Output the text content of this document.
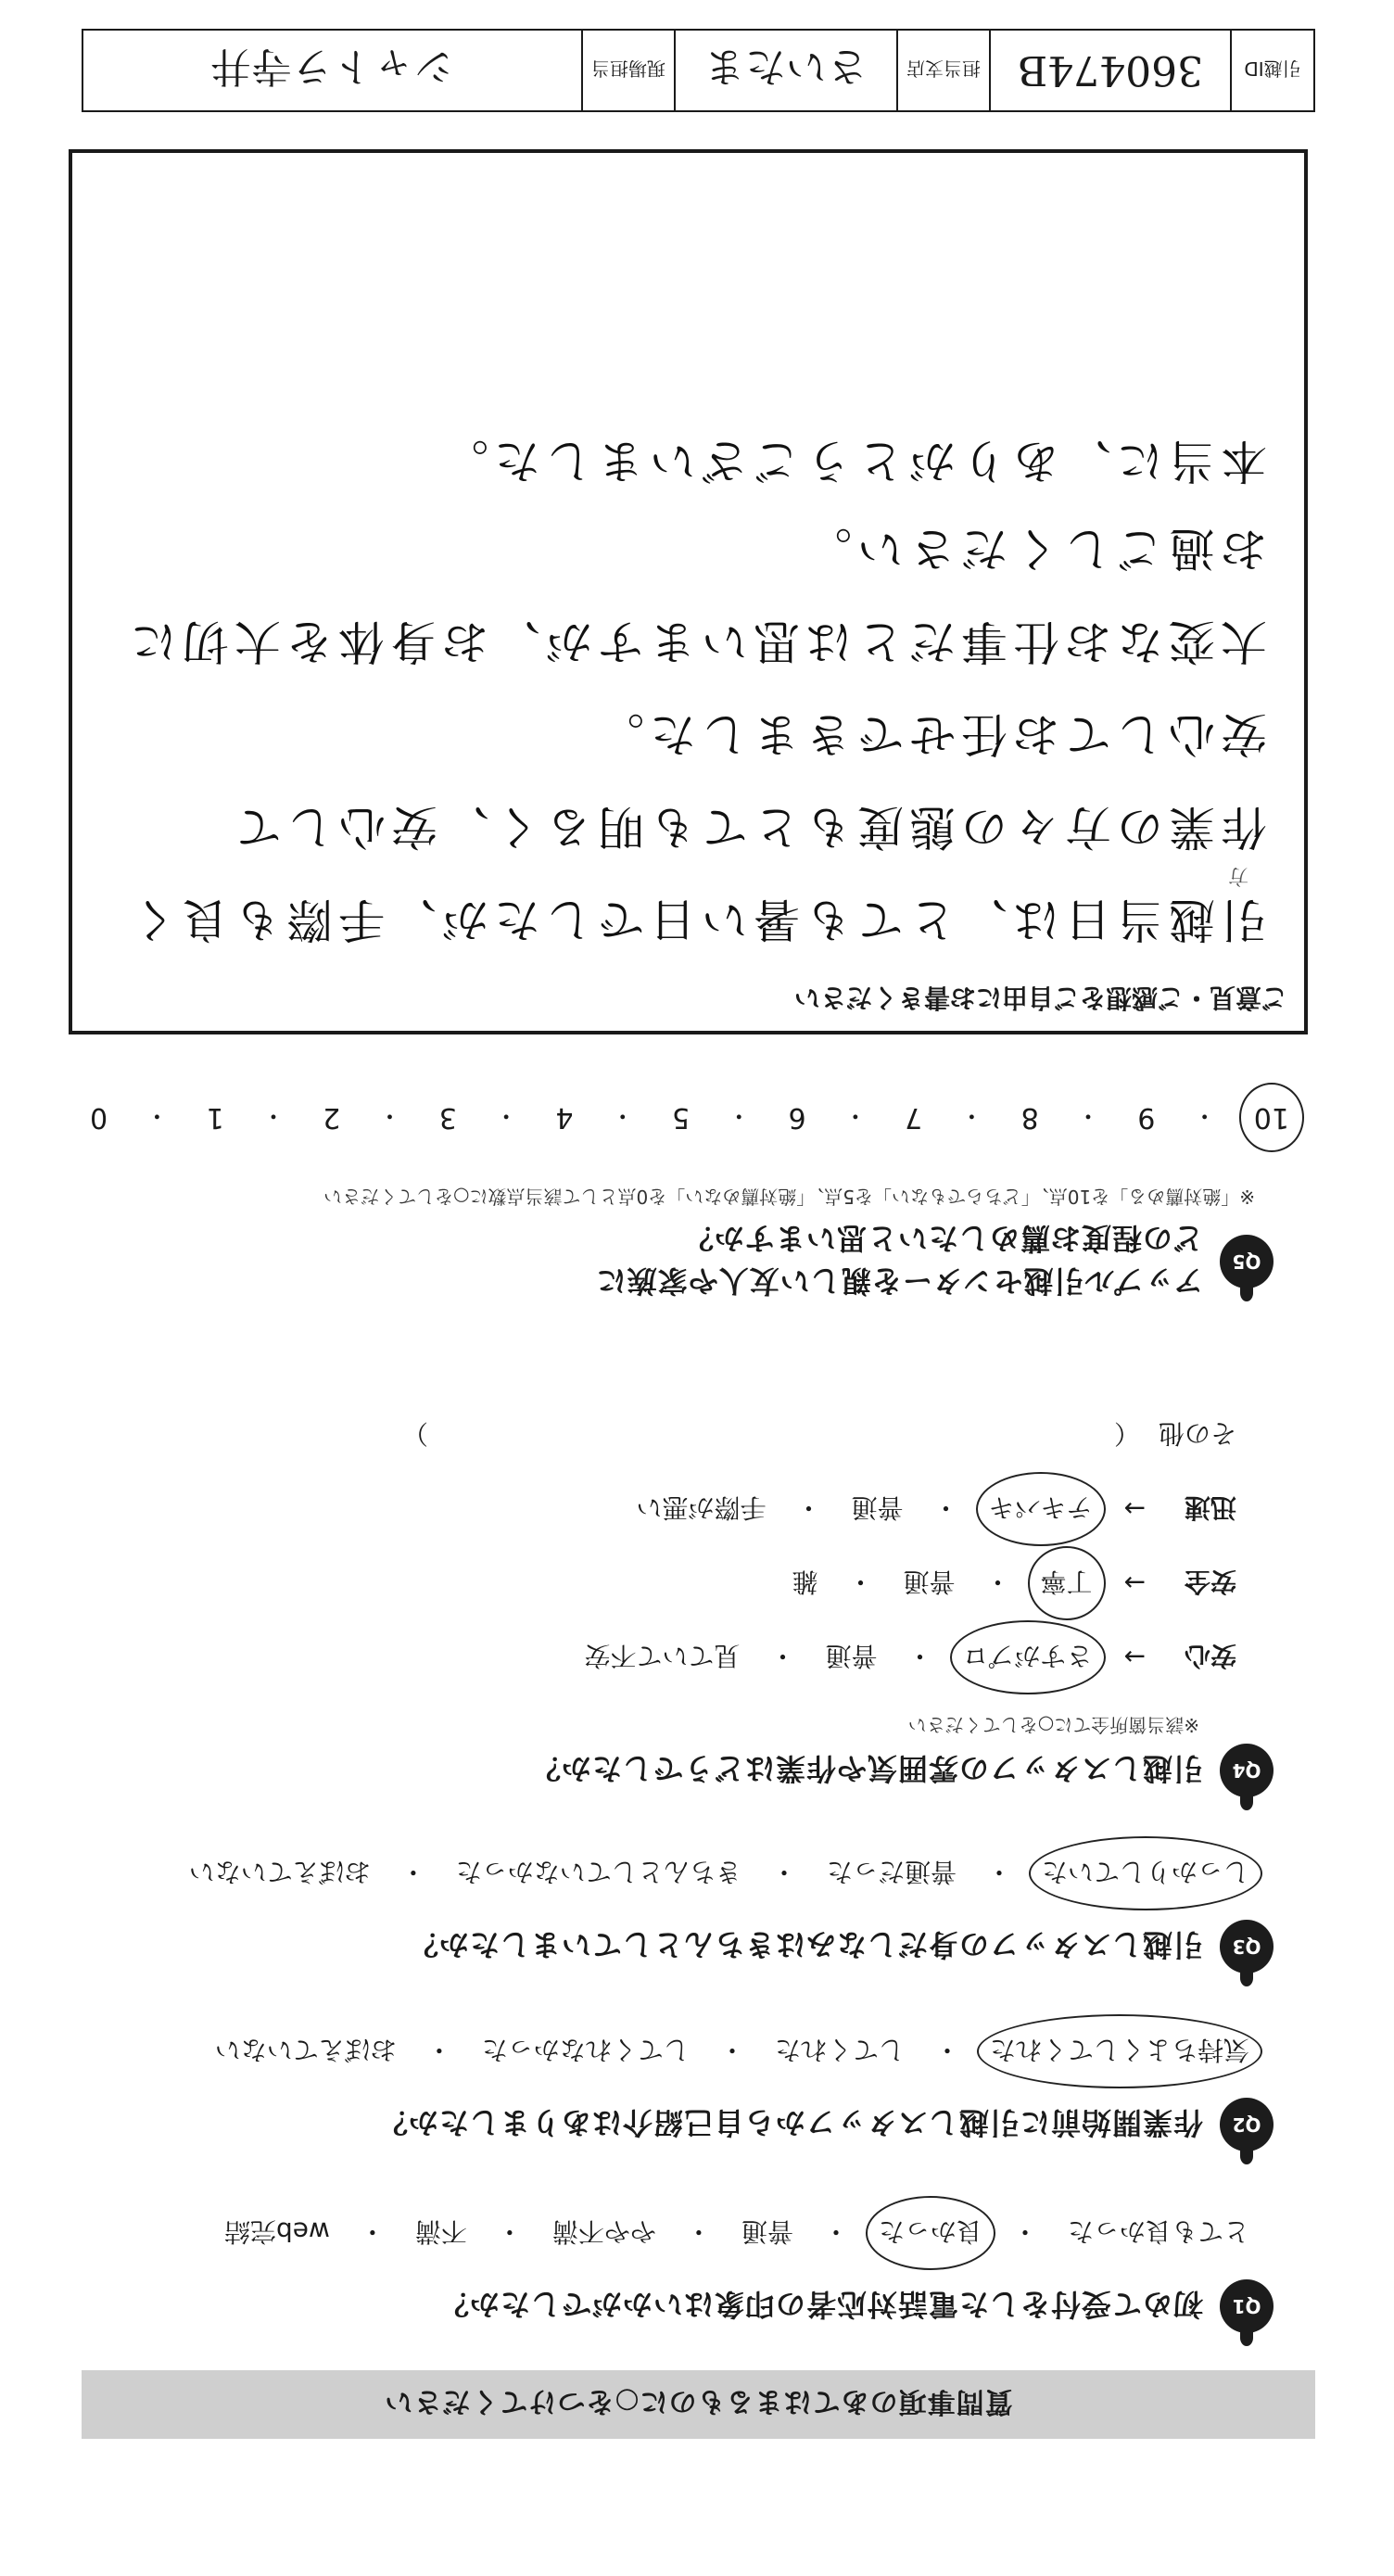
質問事項のあてはまるものに○をつけてください
Q1
初めて受付をした電話対応者の印象はいかがでしたか？
とても良かった
・
良かった
・
普通
・
やや不満
・
不満
・
web完結
Q2
作業開始前に引越しスタッフから自己紹介はありましたか？
気持ちよくしてくれた
・
してくれた
・
してくれなかった
・
おぼえていない
Q3
引越しスタッフの身だしなみはきちんとしていましたか？
しっかりしていた
・
普通だった
・
きちんとしていなかった
・
おぼえていない
Q4
引越しスタッフの雰囲気や作業はどうでしたか？
※該当箇所全てに○をしてください
安心
→
さすがプロ
・
普通
・
見ていて不安
安全
→
丁寧
・
普通
・
雑
迅速
→
テキパキ
・
普通
・
手際が悪い
その他
（
）
Q5
アップル引越センターを親しい友人や家族に
どの程度お薦めしたいと思いますか？
※「絶対薦める」を10点、「どちらでもない」を5点、「絶対薦めない」を0点として該当点数に○をしてください
10
・
9
・
8
・
7
・
6
・
5
・
4
・
3
・
2
・
1
・
0
ご意見・ご感想をご自由にお書きください
引越当日は、とても暑い日でしたが、手際も良く
方
作業の方々の態度もとても明るく、安心して
安心してお任せできました。
大変なお仕事だとは思いますが、お身体を大切に
お過ごしください。
本当に、ありがとうございました。
引越ID
360474B
担当支店
さいたま
現場担当
シャトラ寺井
